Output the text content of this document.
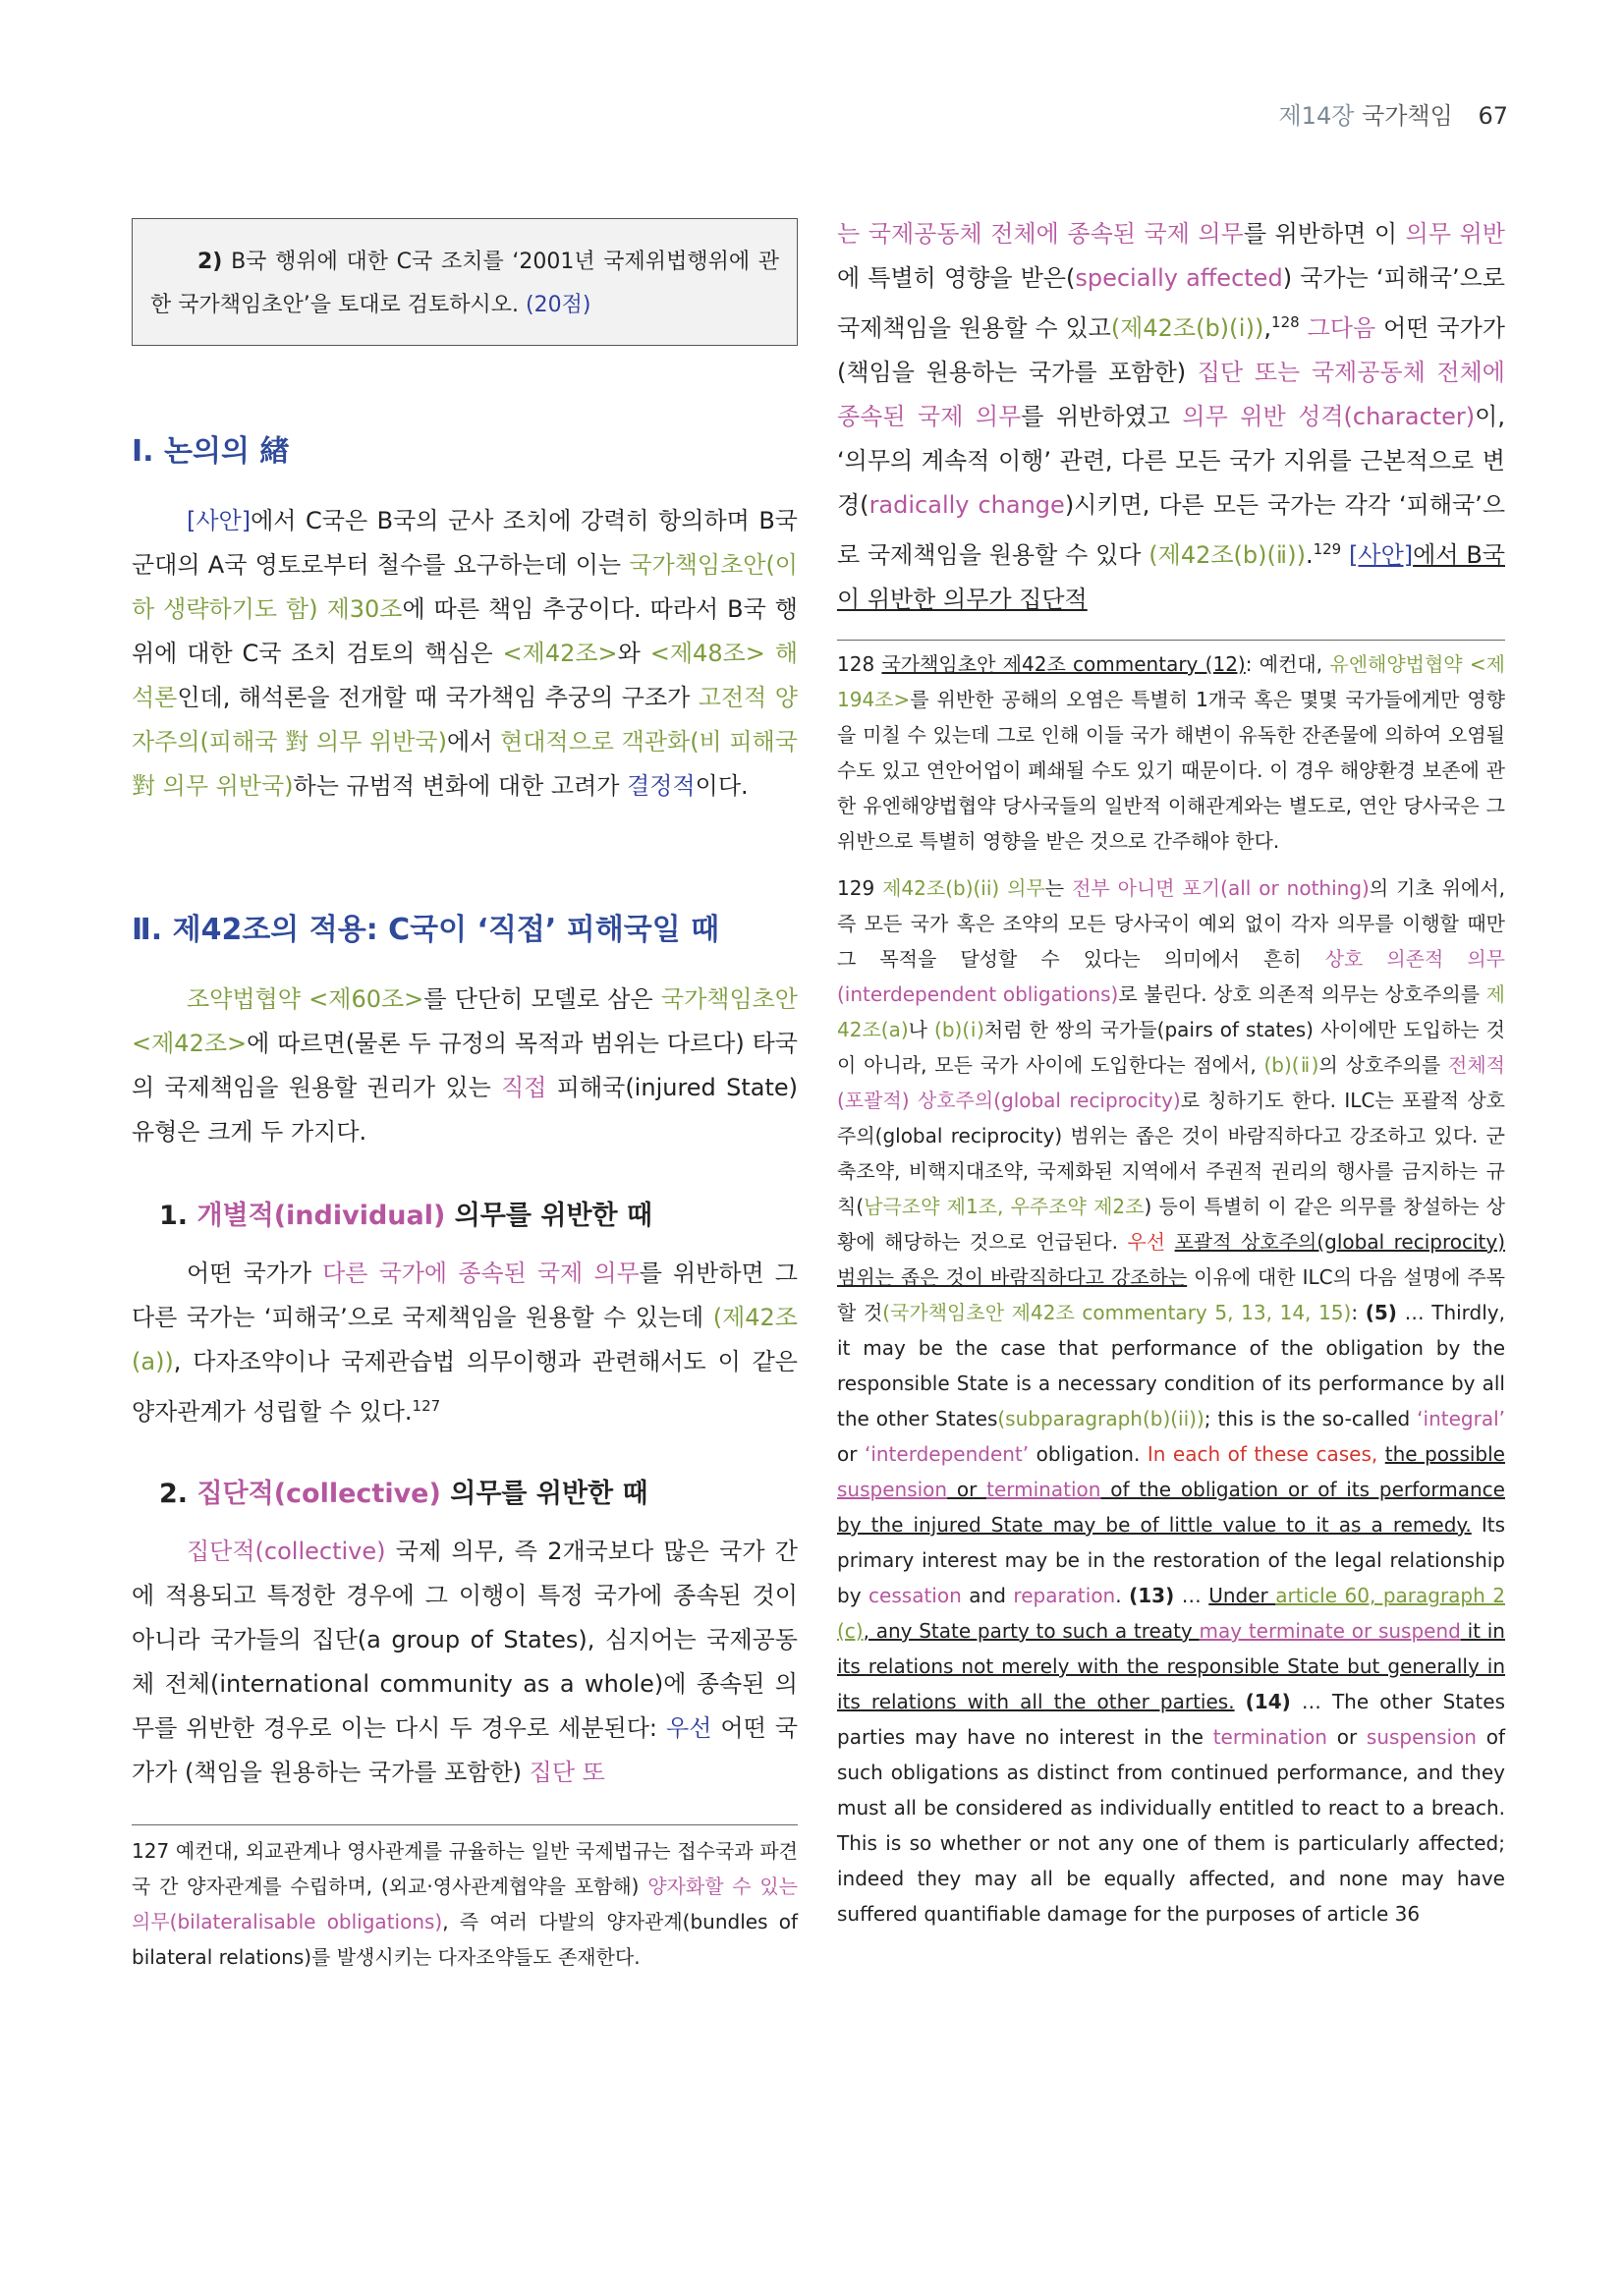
제14장 국가책임 67
2) B국 행위에 대한 C국 조치를 ‘2001년 국제위법행위에 관한 국가책임초안’을 토대로 검토하시오. (20점)
Ⅰ. 논의의 緖

[사안]에서 C국은 B국의 군사 조치에 강력히 항의하며 B국 군대의 A국 영토로부터 철수를 요구하는데 이는 국가책임초안(이하 생략하기도 함) 제30조에 따른 책임 추궁이다. 따라서 B국 행위에 대한 C국 조치 검토의 핵심은 <제42조>와 <제48조> 해석론인데, 해석론을 전개할 때 국가책임 추궁의 구조가 고전적 양자주의(피해국 對 의무 위반국)에서 현대적으로 객관화(비 피해국 對 의무 위반국)하는 규범적 변화에 대한 고려가 결정적이다.

Ⅱ. 제42조의 적용: C국이 ‘직접’ 피해국일 때

조약법협약 <제60조>를 단단히 모델로 삼은 국가책임초안 <제42조>에 따르면(물론 두 규정의 목적과 범위는 다르다) 타국의 국제책임을 원용할 권리가 있는 직접 피해국(injured State) 유형은 크게 두 가지다.

1. 개별적(individual) 의무를 위반한 때

어떤 국가가 다른 국가에 종속된 국제 의무를 위반하면 그 다른 국가는 ‘피해국’으로 국제책임을 원용할 수 있는데 (제42조(a)), 다자조약이나 국제관습법 의무이행과 관련해서도 이 같은 양자관계가 성립할 수 있다.$^{127}$

2. 집단적(collective) 의무를 위반한 때

집단적(collective) 국제 의무, 즉 2개국보다 많은 국가 간에 적용되고 특정한 경우에 그 이행이 특정 국가에 종속된 것이 아니라 국가들의 집단(a group of States), 심지어는 국제공동체 전체(international community as a whole)에 종속된 의무를 위반한 경우로 이는 다시 두 경우로 세분된다: 우선 어떤 국가가 (책임을 원용하는 국가를 포함한) 집단 또

127 예컨대, 외교관계나 영사관계를 규율하는 일반 국제법규는 접수국과 파견국 간 양자관계를 수립하며, (외교·영사관계협약을 포함해) 양자화할 수 있는 의무(bilateralisable obligations), 즉 여러 다발의 양자관계(bundles of bilateral relations)를 발생시키는 다자조약들도 존재한다.

는 국제공동체 전체에 종속된 국제 의무를 위반하면 이 의무 위반에 특별히 영향을 받은(specially affected) 국가는 ‘피해국’으로 국제책임을 원용할 수 있고(제42조(b)(ⅰ)),$^{128}$ 그다음 어떤 국가가 (책임을 원용하는 국가를 포함한) 집단 또는 국제공동체 전체에 종속된 국제 의무를 위반하였고 의무 위반 성격(character)이, ‘의무의 계속적 이행’ 관련, 다른 모든 국가 지위를 근본적으로 변경(radically change)시키면, 다른 모든 국가는 각각 ‘피해국’으로 국제책임을 원용할 수 있다 (제42조(b)(ⅱ)).$^{129}$ [사안]에서 B국이 위반한 의무가 집단적

128 국가책임초안 제42조 commentary (12): 예컨대, 유엔해양법협약 <제194조>를 위반한 공해의 오염은 특별히 1개국 혹은 몇몇 국가들에게만 영향을 미칠 수 있는데 그로 인해 이들 국가 해변이 유독한 잔존물에 의하여 오염될 수도 있고 연안어업이 폐쇄될 수도 있기 때문이다. 이 경우 해양환경 보존에 관한 유엔해양법협약 당사국들의 일반적 이해관계와는 별도로, 연안 당사국은 그 위반으로 특별히 영향을 받은 것으로 간주해야 한다.

129 제42조(b)(ii) 의무는 전부 아니면 포기(all or nothing)의 기초 위에서, 즉 모든 국가 혹은 조약의 모든 당사국이 예외 없이 각자 의무를 이행할 때만 그 목적을 달성할 수 있다는 의미에서 흔히 상호 의존적 의무(interdependent obligations)로 불린다. 상호 의존적 의무는 상호주의를 제42조(a)나 (b)(ⅰ)처럼 한 쌍의 국가들(pairs of states) 사이에만 도입하는 것이 아니라, 모든 국가 사이에 도입한다는 점에서, (b)(ⅱ)의 상호주의를 전체적(포괄적) 상호주의(global reciprocity)로 칭하기도 한다. ILC는 포괄적 상호주의(global reciprocity) 범위는 좁은 것이 바람직하다고 강조하고 있다. 군축조약, 비핵지대조약, 국제화된 지역에서 주권적 권리의 행사를 금지하는 규칙(남극조약 제1조, 우주조약 제2조) 등이 특별히 이 같은 의무를 창설하는 상황에 해당하는 것으로 언급된다. 우선 포괄적 상호주의(global reciprocity) 범위는 좁은 것이 바람직하다고 강조하는 이유에 대한 ILC의 다음 설명에 주목할 것(국가책임초안 제42조 commentary 5, 13, 14, 15): (5) … Thirdly, it may be the case that performance of the obligation by the responsible State is a necessary condition of its performance by all the other States(subparagraph(b)(ii)); this is the so-called ‘integral’ or ‘interdependent’ obligation. In each of these cases, the possible suspension or termination of the obligation or of its performance by the injured State may be of little value to it as a remedy. Its primary interest may be in the restoration of the legal relationship by cessation and reparation. (13) … Under article 60, paragraph 2 (c), any State party to such a treaty may terminate or suspend it in its relations not merely with the responsible State but generally in its relations with all the other parties. (14) … The other States parties may have no interest in the termination or suspension of such obligations as distinct from continued performance, and they must all be considered as individually entitled to react to a breach. This is so whether or not any one of them is particularly affected; indeed they may all be equally affected, and none may have suffered quantifiable damage for the purposes of article 36
